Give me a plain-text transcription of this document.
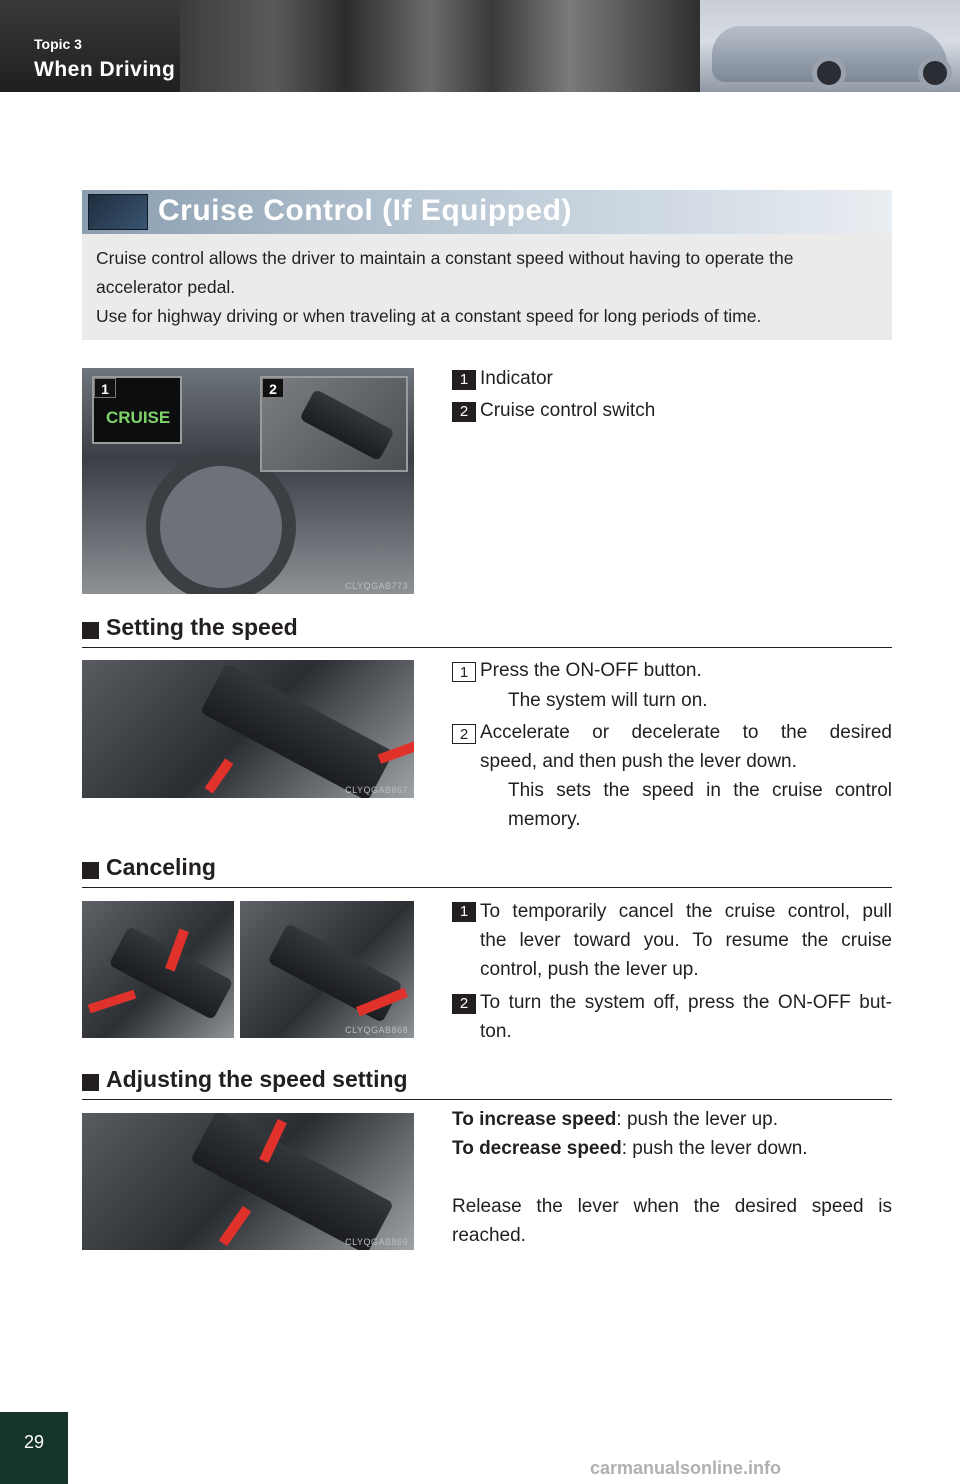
Topic 3
When Driving
Cruise Control (If Equipped)
Cruise control allows the driver to maintain a constant speed without having to operate the
accelerator pedal.
Use for highway driving or when traveling at a constant speed for long periods of time.
CRUISE
1	2
CLYQGAB773
1 Indicator
2 Cruise control switch
Setting the speed
CLYQGAB867
1 Press the ON-OFF button.
The system will turn on.
2 Accelerate or decelerate to the desired
speed, and then push the lever down.
This sets the speed in the cruise control
memory.
Canceling
CLYQGAB868
1 To temporarily cancel the cruise control, pull
the lever toward you. To resume the cruise
control, push the lever up.
2 To turn the system off, press the ON-OFF but-
ton.
Adjusting the speed setting
CLYQGAB869
To increase speed: push the lever up.
To decrease speed: push the lever down.
Release the lever when the desired speed is
reached.
29
carmanualsonline.info
